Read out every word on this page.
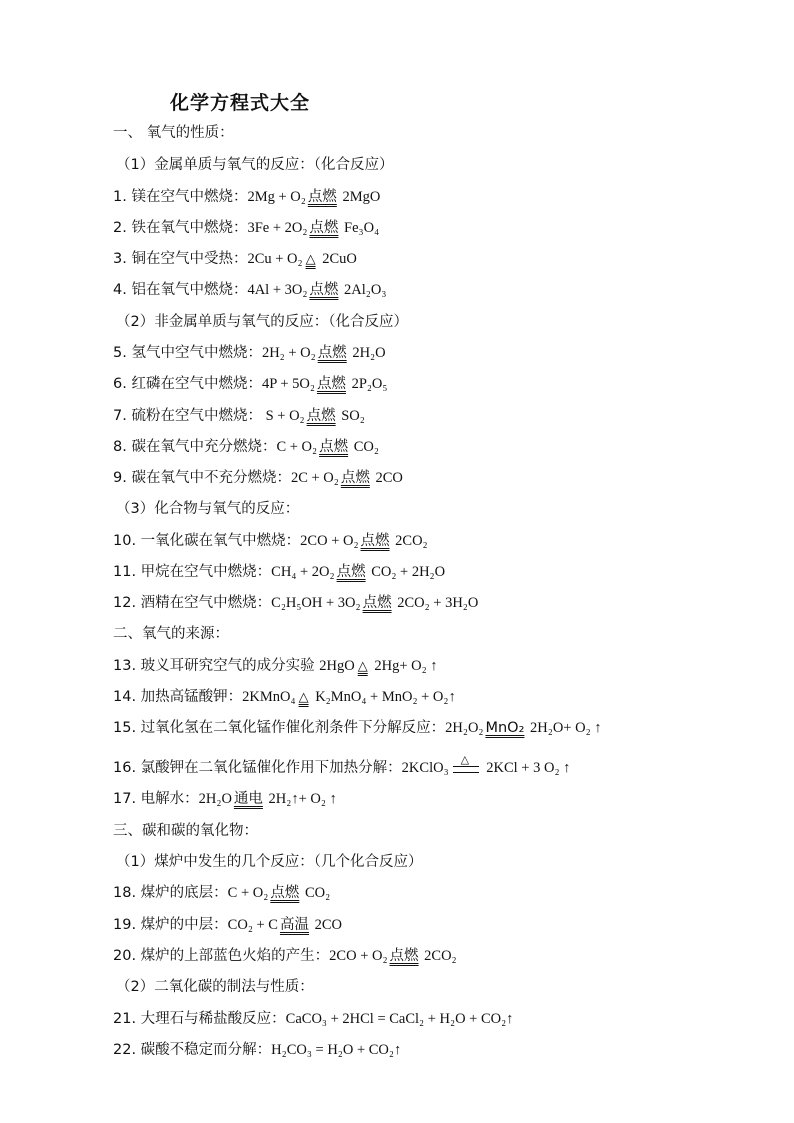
化学方程式大全
一、 氧气的性质：
（1）金属单质与氧气的反应：（化合反应）
1. 镁在空气中燃烧：2Mg + O₂ 点燃 2MgO
2. 铁在氧气中燃烧：3Fe + 2O₂ 点燃 Fe₃O₄
3. 铜在空气中受热：2Cu + O₂ △ 2CuO
4. 铝在氧气中燃烧：4Al + 3O₂ 点燃 2Al₂O₃
（2）非金属单质与氧气的反应：（化合反应）
5. 氢气中空气中燃烧：2H₂ + O₂ 点燃 2H₂O
6. 红磷在空气中燃烧：4P + 5O₂ 点燃 2P₂O₅
7. 硫粉在空气中燃烧： S + O₂ 点燃 SO₂
8. 碳在氧气中充分燃烧：C + O₂ 点燃 CO₂
9. 碳在氧气中不充分燃烧：2C + O₂ 点燃 2CO
（3）化合物与氧气的反应：
10. 一氧化碳在氧气中燃烧：2CO + O₂ 点燃 2CO₂
11. 甲烷在空气中燃烧：CH₄ + 2O₂ 点燃 CO₂ + 2H₂O
12. 酒精在空气中燃烧：C₂H₅OH + 3O₂ 点燃 2CO₂ + 3H₂O
二、氧气的来源：
13. 玻义耳研究空气的成分实验 2HgO △ 2Hg+ O₂ ↑
14. 加热高锰酸钾：2KMnO₄ △ K₂MnO₄ + MnO₂ + O₂↑
15. 过氧化氢在二氧化锰作催化剂条件下分解反应：2H₂O₂ MnO₂ 2H₂O+ O₂ ↑
16. 氯酸钾在二氧化锰催化作用下加热分解：2KClO₃
△
2KCl + 3 O₂ ↑
17. 电解水：2H₂O 通电 2H₂↑+ O₂ ↑
三、碳和碳的氧化物：
（1）煤炉中发生的几个反应：（几个化合反应）
18. 煤炉的底层：C + O₂ 点燃 CO₂
19. 煤炉的中层：CO₂ + C 高温 2CO
20. 煤炉的上部蓝色火焰的产生：2CO + O₂ 点燃 2CO₂
（2）二氧化碳的制法与性质：
21. 大理石与稀盐酸反应：CaCO₃ + 2HCl = CaCl₂ + H₂O + CO₂↑
22. 碳酸不稳定而分解：H₂CO₃ = H₂O + CO₂↑
